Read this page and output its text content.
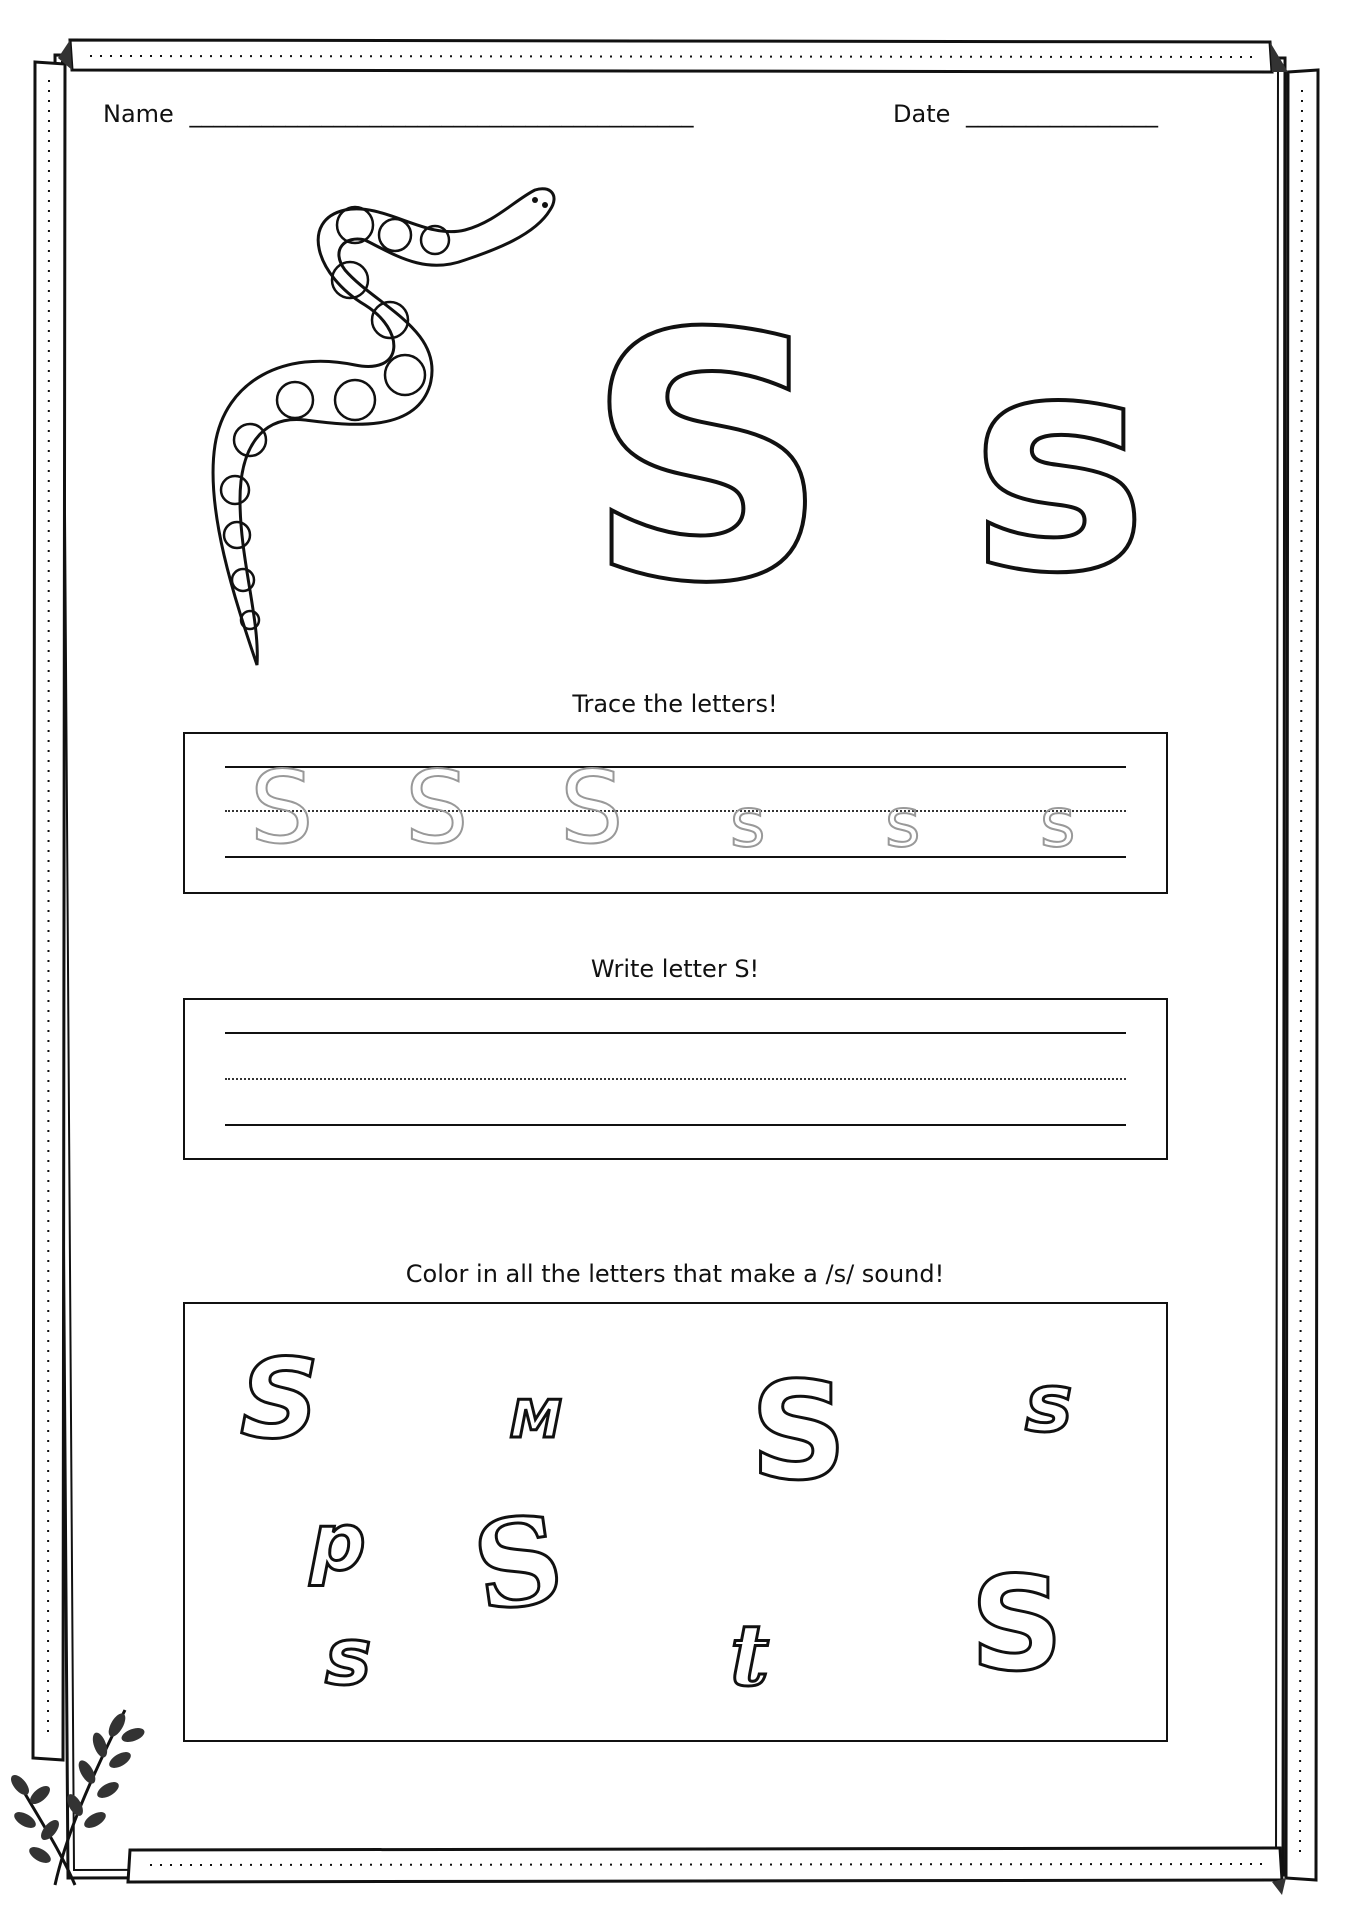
Name __________________________________________	Date ________________
S s
Trace the letters!
S S S s s s
Write letter S!
Color in all the letters that make a /s/ sound!
S	M S s
p S	S
s	t
